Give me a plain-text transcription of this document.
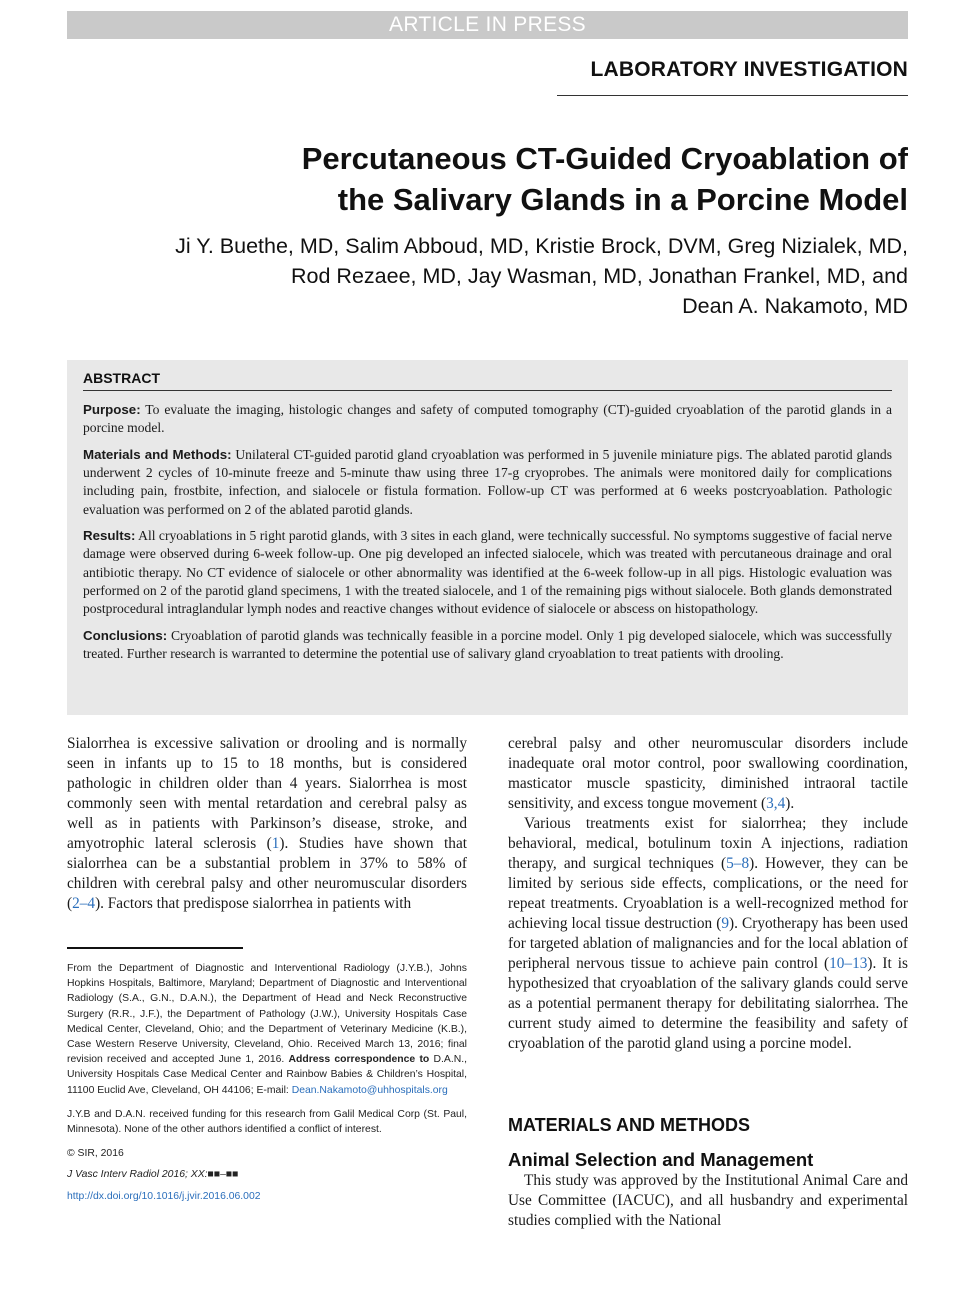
ARTICLE IN PRESS
LABORATORY INVESTIGATION
Percutaneous CT-Guided Cryoablation of
the Salivary Glands in a Porcine Model
Ji Y. Buethe, MD, Salim Abboud, MD, Kristie Brock, DVM, Greg Nizialek, MD,
Rod Rezaee, MD, Jay Wasman, MD, Jonathan Frankel, MD, and
Dean A. Nakamoto, MD
ABSTRACT

Purpose: To evaluate the imaging, histologic changes and safety of computed tomography (CT)-guided cryoablation of the parotid glands in a porcine model.

Materials and Methods: Unilateral CT-guided parotid gland cryoablation was performed in 5 juvenile miniature pigs. The ablated parotid glands underwent 2 cycles of 10-minute freeze and 5-minute thaw using three 17-g cryoprobes. The animals were monitored daily for complications including pain, frostbite, infection, and sialocele or fistula formation. Follow-up CT was performed at 6 weeks postcryoablation. Pathologic evaluation was performed on 2 of the ablated parotid glands.

Results: All cryoablations in 5 right parotid glands, with 3 sites in each gland, were technically successful. No symptoms suggestive of facial nerve damage were observed during 6-week follow-up. One pig developed an infected sialocele, which was treated with percutaneous drainage and oral antibiotic therapy. No CT evidence of sialocele or other abnormality was identified at the 6-week follow-up in all pigs. Histologic evaluation was performed on 2 of the parotid gland specimens, 1 with the treated sialocele, and 1 of the remaining pigs without sialocele. Both glands demonstrated postprocedural intraglandular lymph nodes and reactive changes without evidence of sialocele or abscess on histopathology.

Conclusions: Cryoablation of parotid glands was technically feasible in a porcine model. Only 1 pig developed sialocele, which was successfully treated. Further research is warranted to determine the potential use of salivary gland cryoablation to treat patients with drooling.

Sialorrhea is excessive salivation or drooling and is normally seen in infants up to 15 to 18 months, but is considered pathologic in children older than 4 years. Sialorrhea is most commonly seen with mental retardation and cerebral palsy as well as in patients with Parkinson’s disease, stroke, and amyotrophic lateral sclerosis (1). Studies have shown that sialorrhea can be a substantial problem in 37% to 58% of children with cerebral palsy and other neuromuscular disorders (2–4). Factors that predispose sialorrhea in patients with

From the Department of Diagnostic and Interventional Radiology (J.Y.B.), Johns Hopkins Hospitals, Baltimore, Maryland; Department of Diagnostic and Interventional Radiology (S.A., G.N., D.A.N.), the Department of Head and Neck Reconstructive Surgery (R.R., J.F.), the Department of Pathology (J.W.), University Hospitals Case Medical Center, Cleveland, Ohio; and the Department of Veterinary Medicine (K.B.), Case Western Reserve University, Cleveland, Ohio. Received March 13, 2016; final revision received and accepted June 1, 2016. Address correspondence to D.A.N., University Hospitals Case Medical Center and Rainbow Babies & Children’s Hospital, 11100 Euclid Ave, Cleveland, OH 44106; E-mail: Dean.Nakamoto@uhhospitals.org

J.Y.B and D.A.N. received funding for this research from Galil Medical Corp (St. Paul, Minnesota). None of the other authors identified a conflict of interest.

© SIR, 2016

J Vasc Interv Radiol 2016; XX:■■–■■

http://dx.doi.org/10.1016/j.jvir.2016.06.002

cerebral palsy and other neuromuscular disorders include inadequate oral motor control, poor swallowing coordination, masticator muscle spasticity, diminished intraoral tactile sensitivity, and excess tongue movement (3,4).

Various treatments exist for sialorrhea; they include behavioral, medical, botulinum toxin A injections, radiation therapy, and surgical techniques (5–8). However, they can be limited by serious side effects, complications, or the need for repeat treatments. Cryoablation is a well-recognized method for achieving local tissue destruction (9). Cryotherapy has been used for targeted ablation of malignancies and for the local ablation of peripheral nervous tissue to achieve pain control (10–13). It is hypothesized that cryoablation of the salivary glands could serve as a potential permanent therapy for debilitating sialorrhea. The current study aimed to determine the feasibility and safety of cryoablation of the parotid gland using a porcine model.

MATERIALS AND METHODS
Animal Selection and Management

This study was approved by the Institutional Animal Care and Use Committee (IACUC), and all husbandry and experimental studies complied with the National
